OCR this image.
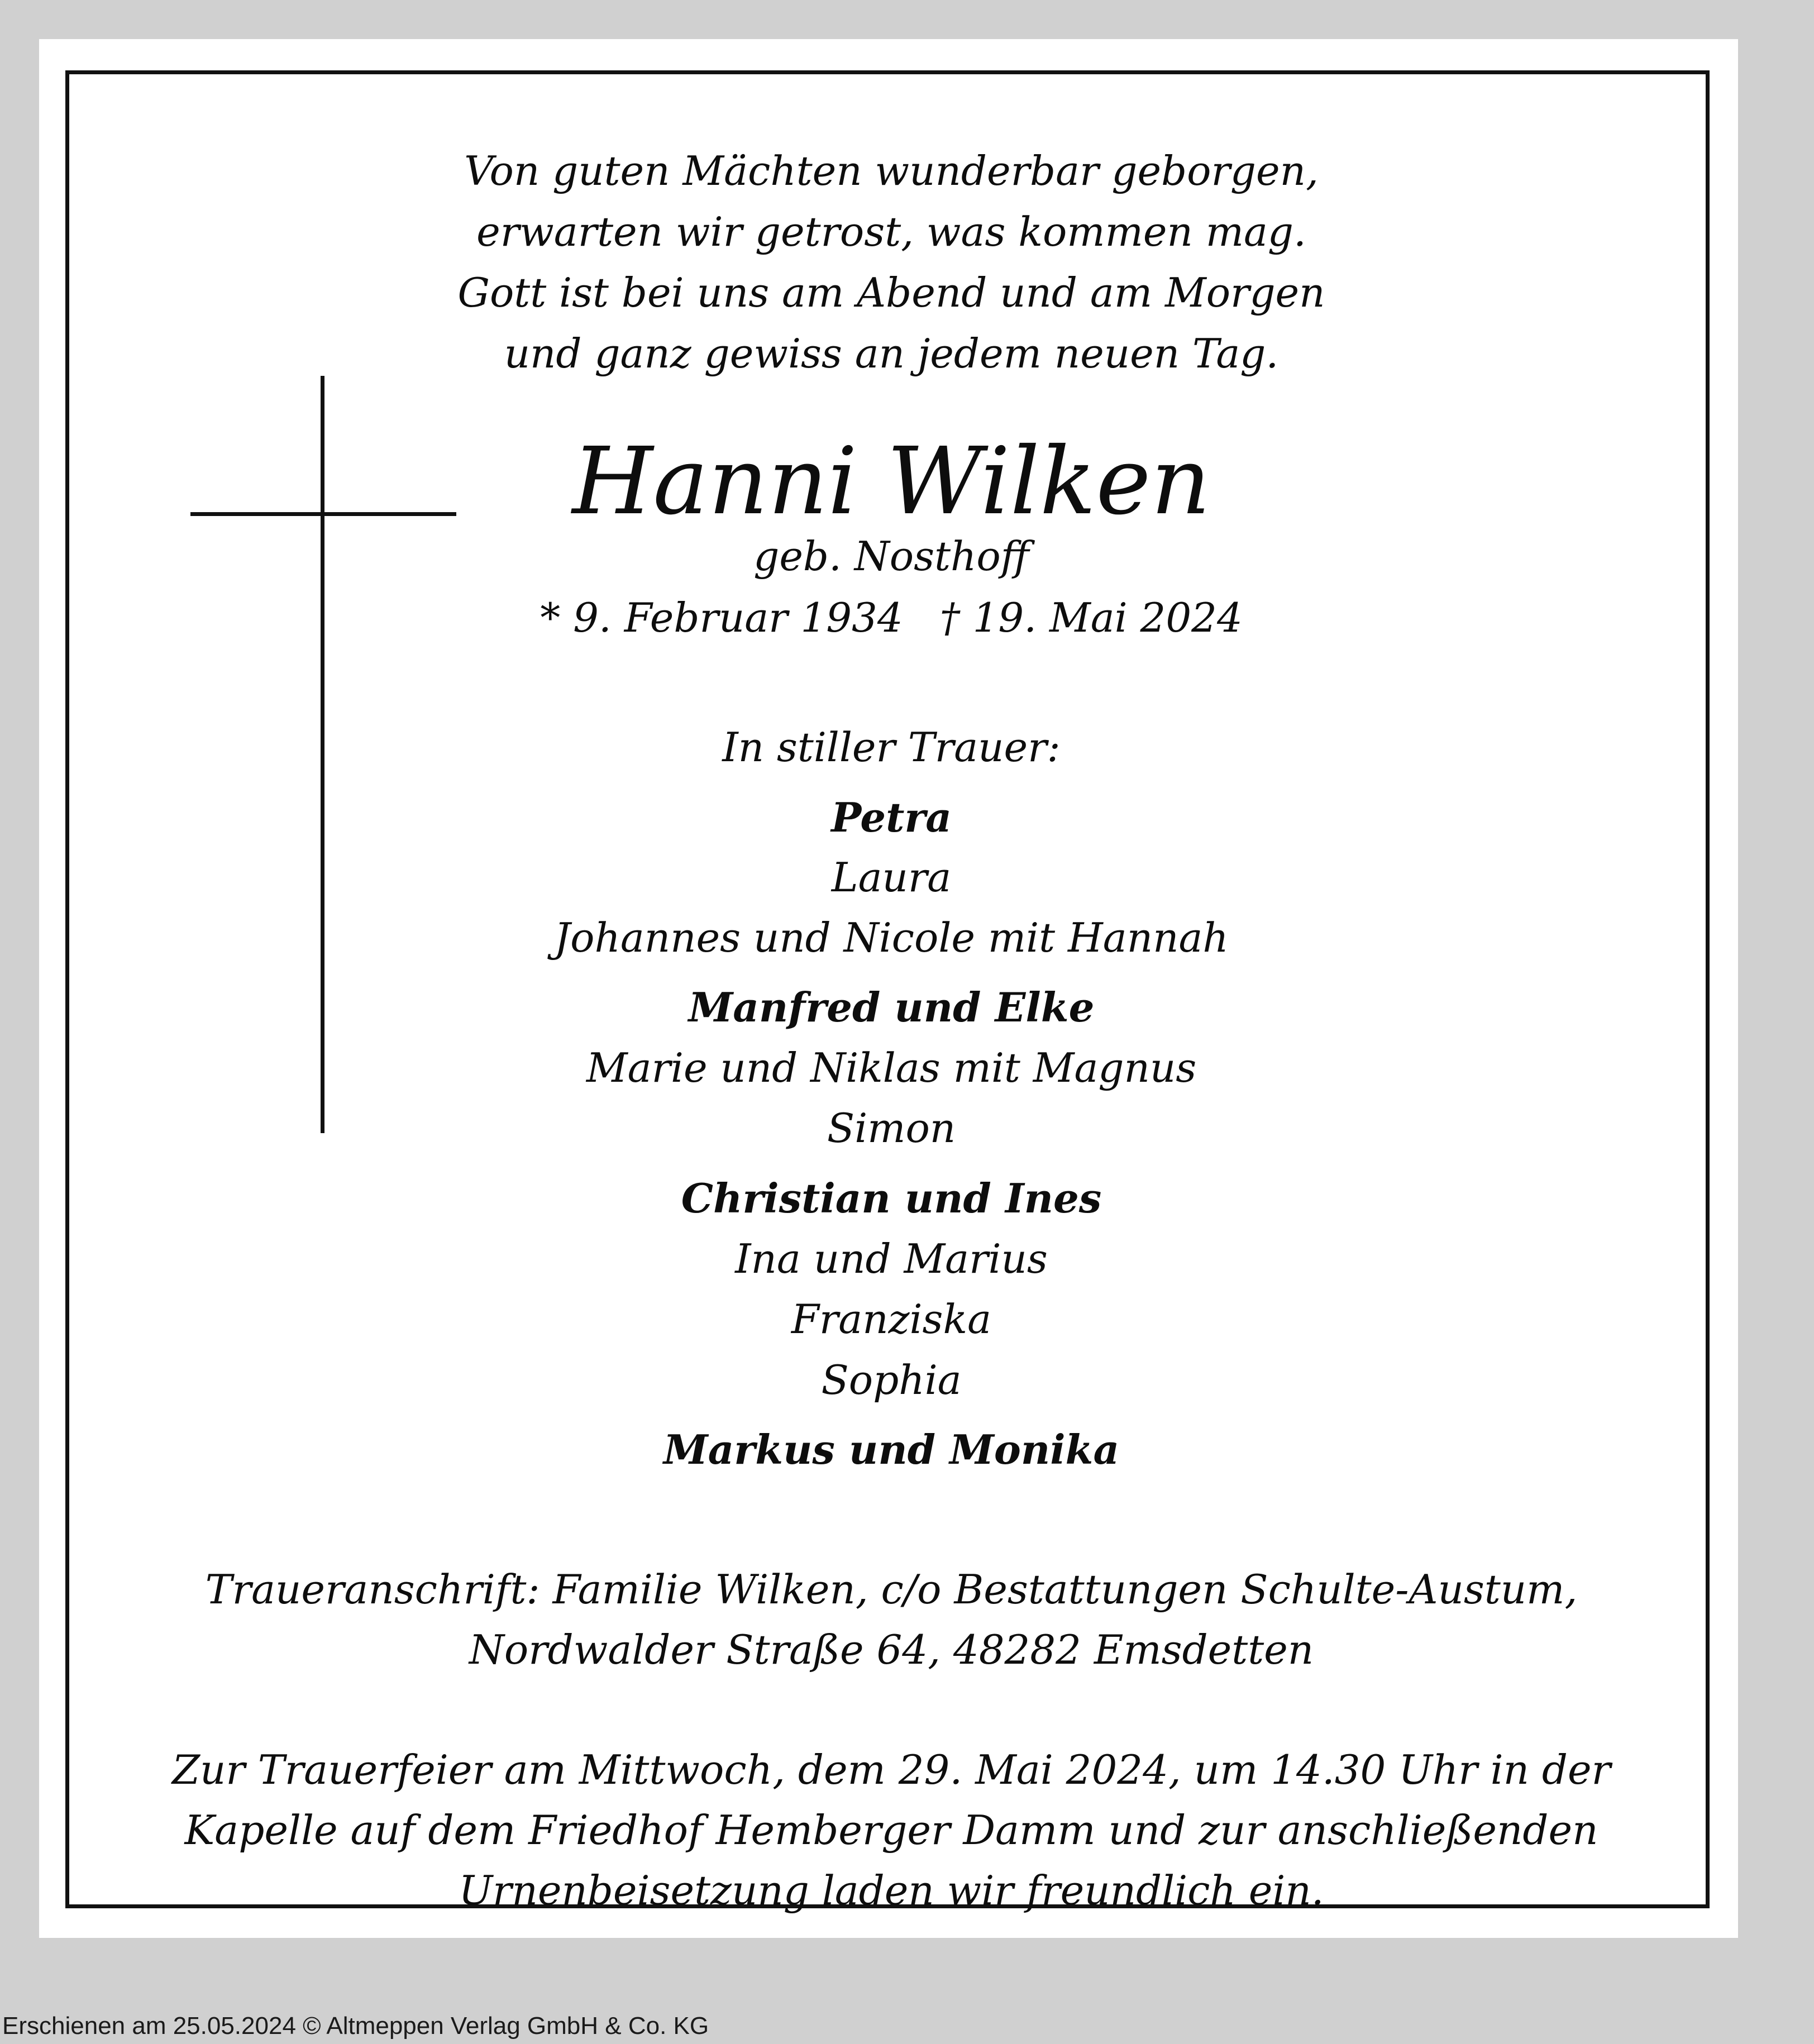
Von guten Mächten wunderbar geborgen,
erwarten wir getrost, was kommen mag.
Gott ist bei uns am Abend und am Morgen
und ganz gewiss an jedem neuen Tag.
Hanni Wilken
geb. Nosthoff
* 9. Februar 1934 † 19. Mai 2024
In stiller Trauer:
Petra
Laura
Johannes und Nicole mit Hannah
Manfred und Elke
Marie und Niklas mit Magnus
Simon
Christian und Ines
Ina und Marius
Franziska
Sophia
Markus und Monika
Traueranschrift: Familie Wilken, c/o Bestattungen Schulte-Austum,
Nordwalder Straße 64, 48282 Emsdetten
Zur Trauerfeier am Mittwoch, dem 29. Mai 2024, um 14.30 Uhr in der
Kapelle auf dem Friedhof Hemberger Damm und zur anschließenden
Urnenbeisetzung laden wir freundlich ein.
Erschienen am 25.05.2024 © Altmeppen Verlag GmbH & Co. KG
